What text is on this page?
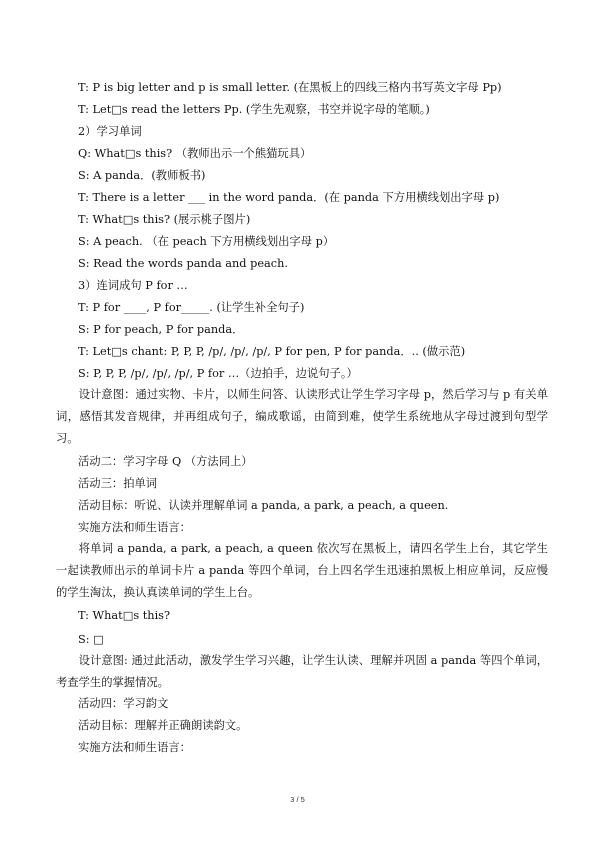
T: P is big letter and p is small letter. (在黑板上的四线三格内书写英文字母 Pp)
T: Let□s read the letters Pp. (学生先观察，书空并说字母的笔顺。)
2）学习单词
Q: What□s this? （教师出示一个熊猫玩具）
S: A panda．(教师板书)
T: There is a letter ___ in the word panda．(在 panda 下方用横线划出字母 p)
T: What□s this? (展示桃子图片)
S: A peach. （在 peach 下方用横线划出字母 p）
S: Read the words panda and peach.
3）连词成句 P for …
T: P for ____, P for_____. (让学生补全句子)
S: P for peach, P for panda．
T: Let□s chant: P, P, P, /p/, /p/, /p/, P for pen, P for panda．.. (做示范)
S: P, P, P, /p/, /p/, /p/, P for …（边拍手，边说句子。）
设计意图：通过实物、卡片，以师生问答、认读形式让学生学习字母 p，然后学习与 p 有关单词，感悟其发音规律，并再组成句子，编成歌谣，由简到难，使学生系统地从字母过渡到句型学习。
活动二：学习字母 Q （方法同上）
活动三：拍单词
活动目标：听说、认读并理解单词 a panda, a park, a peach, a queen.
实施方法和师生语言：
将单词 a panda, a park, a peach, a queen 依次写在黑板上，请四名学生上台，其它学生一起读教师出示的单词卡片 a panda 等四个单词，台上四名学生迅速拍黑板上相应单词，反应慢的学生淘汰，换认真读单词的学生上台。
T: What□s this?
S: □
设计意图: 通过此活动，激发学生学习兴趣，让学生认读、理解并巩固 a panda 等四个单词，考查学生的掌握情况。
活动四：学习韵文
活动目标：理解并正确朗读韵文。
实施方法和师生语言：
3 / 5
